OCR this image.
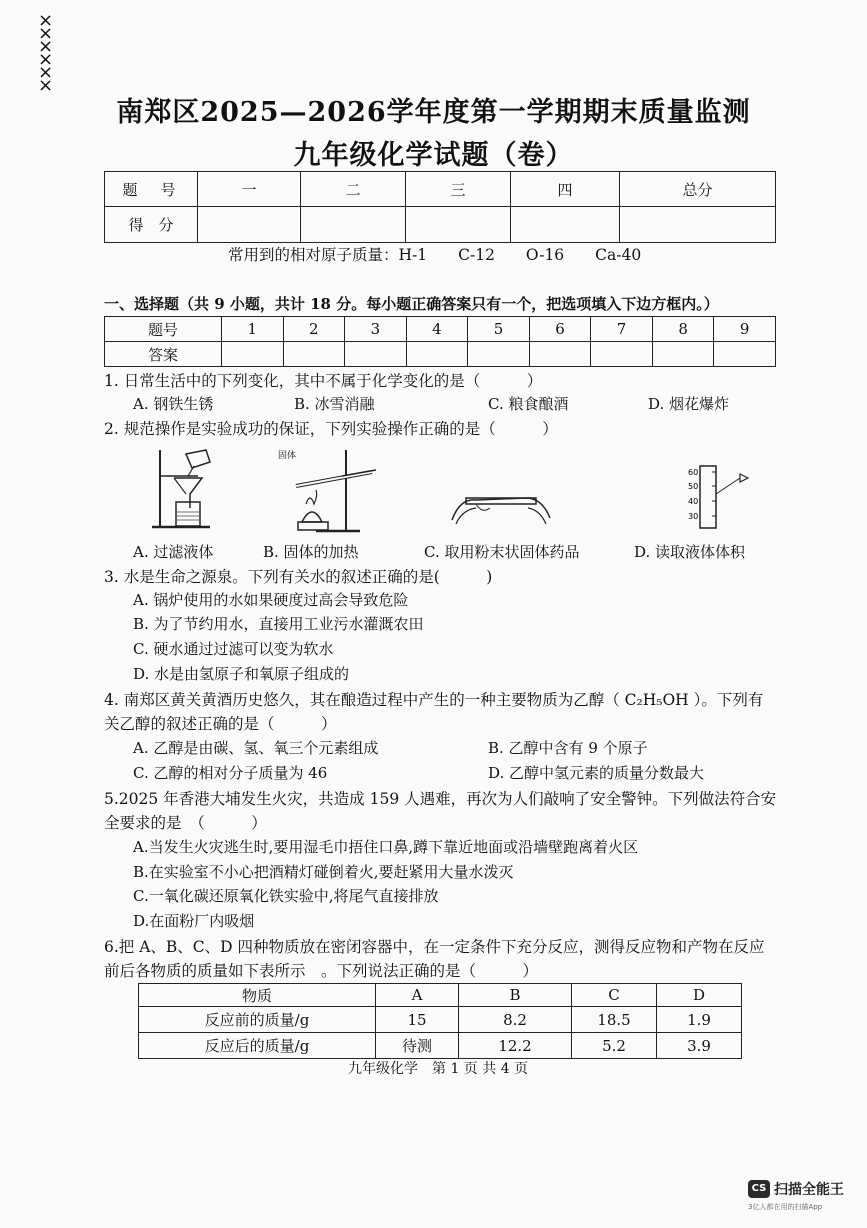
××××××
南郑区2025—2026学年度第一学期期末质量监测
九年级化学试题（卷）
题　号	一	二	三	四	总分
得　分					
常用到的相对原子质量：H-1　　C-12　　O-16　　Ca-40
一、选择题（共 9 小题，共计 18 分。每小题正确答案只有一个，把选项填入下边方框内。）
题号	1	2	3	4	5	6	7	8	9
答案									
1. 日常生活中的下列变化，其中不属于化学变化的是（　　　）
A. 钢铁生锈	B. 冰雪消融	C. 粮食酿酒	D. 烟花爆炸
2. 规范操作是实验成功的保证，下列实验操作正确的是（　　　）
固体
60
50
40
30
A. 过滤液体	B. 固体的加热	C. 取用粉末状固体药品	D. 读取液体体积
3. 水是生命之源泉。下列有关水的叙述正确的是(　　　)
A. 锅炉使用的水如果硬度过高会导致危险
B. 为了节约用水，直接用工业污水灌溉农田
C. 硬水通过过滤可以变为软水
D. 水是由氢原子和氧原子组成的
4. 南郑区黄关黄酒历史悠久，其在酿造过程中产生的一种主要物质为乙醇（ C₂H₅OH ）。下列有
关乙醇的叙述正确的是（　　　）
A. 乙醇是由碳、氢、氧三个元素组成	B. 乙醇中含有 9 个原子
C. 乙醇的相对分子质量为 46	D. 乙醇中氢元素的质量分数最大
5.2025 年香港大埔发生火灾，共造成 159 人遇难，再次为人们敲响了安全警钟。下列做法符合安
全要求的是　（　　　）
A.当发生火灾逃生时,要用湿毛巾捂住口鼻,蹲下靠近地面或沿墙壁跑离着火区
B.在实验室不小心把酒精灯碰倒着火,要赶紧用大量水泼灭
C.一氧化碳还原氧化铁实验中,将尾气直接排放
D.在面粉厂内吸烟
6.把 A、B、C、D 四种物质放在密闭容器中，在一定条件下充分反应，测得反应物和产物在反应
前后各物质的质量如下表所示　。下列说法正确的是（　　　）
物质	A	B	C	D
反应前的质量/g	15	8.2	18.5	1.9
反应后的质量/g	待测	12.2	5.2	3.9
九年级化学　第 1 页 共 4 页
CS 扫描全能王
3亿人都在用的扫描App
